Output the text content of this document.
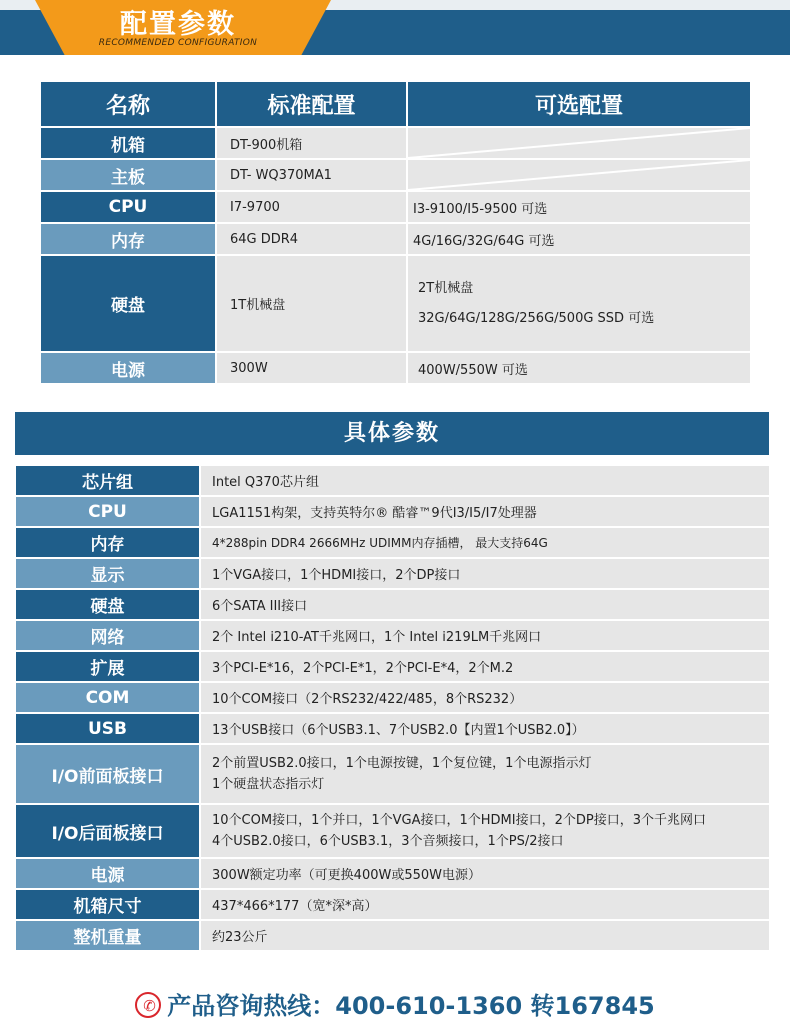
配置参数
RECOMMENDED CONFIGURATION
名称	标准配置	可选配置
机箱	DT-900机箱	

主板	DT- WQ370MA1	

CPU	I7-9700	I3-9100/I5-9500 可选
内存	64G DDR4	4G/16G/32G/64G 可选
硬盘	1T机械盘	2T机械盘

32G/64G/128G/256G/500G SSD 可选

电源	300W	400W/550W 可选
具体参数
芯片组	Intel Q370芯片组
CPU	LGA1151构架，支持英特尔® 酷睿™9代I3/I5/I7处理器
内存	4*288pin DDR4 2666MHz UDIMM内存插槽， 最大支持64G
显示	1个VGA接口，1个HDMI接口，2个DP接口
硬盘	6个SATA III接口
网络	2个 Intel i210-AT千兆网口，1个 Intel i219LM千兆网口
扩展	3个PCI-E*16，2个PCI-E*1，2个PCI-E*4，2个M.2
COM	10个COM接口（2个RS232/422/485，8个RS232）
USB	13个USB接口（6个USB3.1、7个USB2.0【内置1个USB2.0】）
I/O前面板接口	2个前置USB2.0接口，1个电源按键，1个复位键，1个电源指示灯

1个硬盘状态指示灯

I/O后面板接口	10个COM接口，1个并口，1个VGA接口，1个HDMI接口，2个DP接口，3个千兆网口

4个USB2.0接口，6个USB3.1，3个音频接口，1个PS/2接口

电源	300W额定功率（可更换400W或550W电源）
机箱尺寸	437*466*177（宽*深*高）
整机重量	约23公斤
✆ 产品咨询热线：400-610-1360 转167845
